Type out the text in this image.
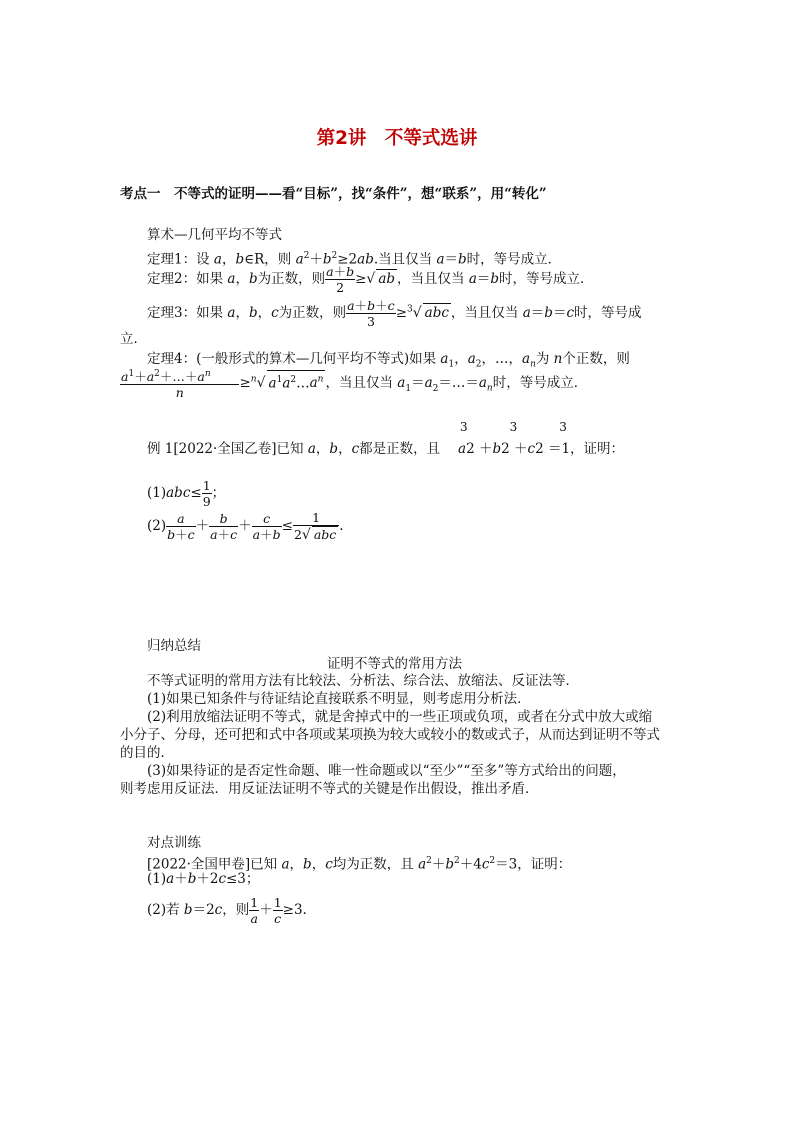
第2讲　不等式选讲
考点一　不等式的证明——看“目标”，找“条件”，想“联系”，用“转化”
算术—几何平均不等式
定理1：设 a，b∈R，则 $a^2+b^2\ge 2ab$.当且仅当 a＝b时，等号成立．
定理2：如果 a，b为正数，则 $\frac{a+b}{2}$ ≥√ ab ，当且仅当 a＝b时，等号成立．
定理3：如果 a，b，c为正数，则 $\frac{a+b+c}{3} \ge^3√$ abc ，当且仅当 a＝b＝c时，等号成
立．
定理4：(一般形式的算术—几何平均不等式)如果 $a_1$，$a_2$，…，$a_n$为 n个正数，则
$\frac{a^1+a^2+\dots+a^n}{n} \ge^n√$ $a^1a^2\dots a^n$ ，当且仅当 $a_1=a_2=\dots=a_n$时，等号成立．
例 1[2022·全国乙卷]已知 a，b，c都是正数，且
3           3           3
a2 ＋b2 ＋c2 ＝1，证明：
$(1)abc\le \frac{1}{9}$ ；
$(2) \frac{a}{b+c} + \frac{b}{a+c} + \frac{c}{a+b} \le \frac{1}{\text{2√ abc}}$ .
归纳总结
证明不等式的常用方法
不等式证明的常用方法有比较法、分析法、综合法、放缩法、反证法等．
(1)如果已知条件与待证结论直接联系不明显，则考虑用分析法．
(2)利用放缩法证明不等式，就是舍掉式中的一些正项或负项，或者在分式中放大或缩
小分子、分母，还可把和式中各项或某项换为较大或较小的数或式子，从而达到证明不等式
的目的．
(3)如果待证的是否定性命题、唯一性命题或以“至少”“至多”等方式给出的问题，
则考虑用反证法．用反证法证明不等式的关键是作出假设，推出矛盾．
对点训练
[2022·全国甲卷]已知 a，b，c均为正数，且 $a^2+b^2+4c^2=3$，证明：
(1)a＋b＋2c≤3；
(2)若 b＝2c，则 $\frac{1}{a} + \frac{1}{c} \ge 3$.
